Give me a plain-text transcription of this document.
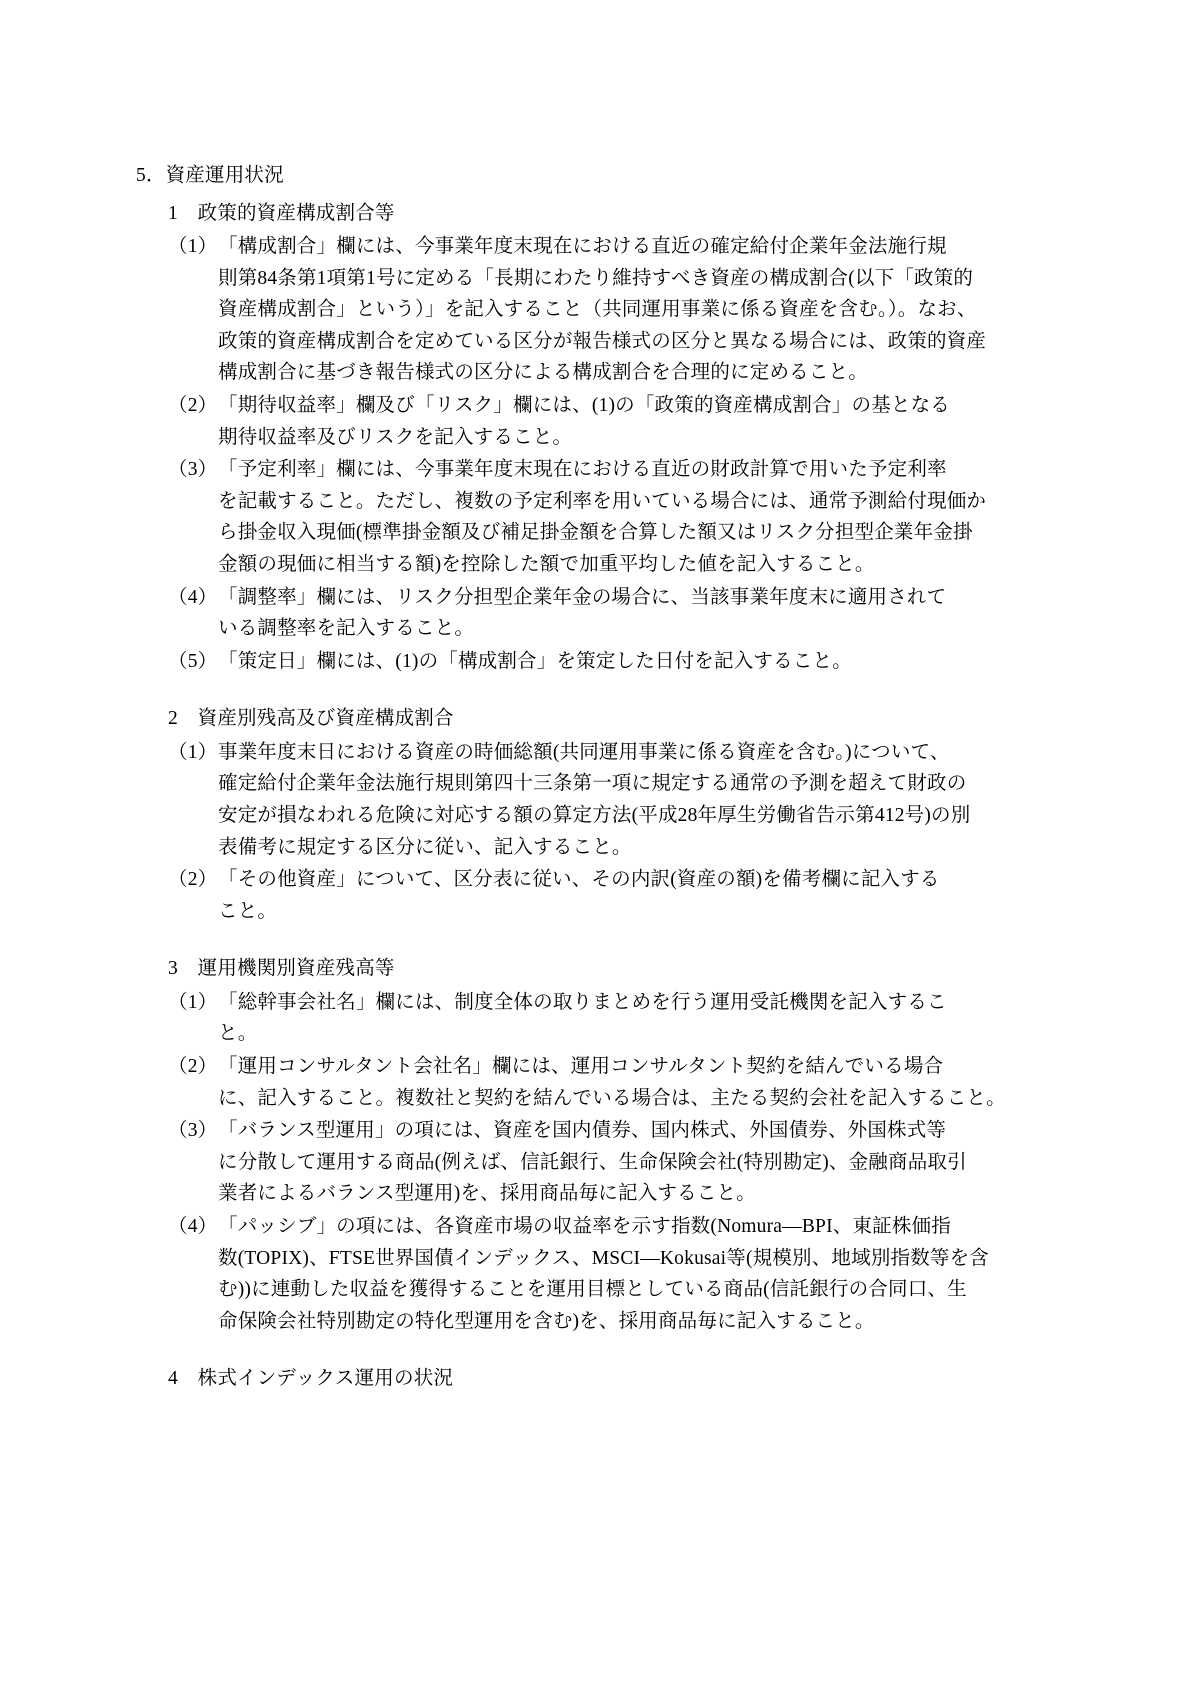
5．資産運用状況
1　政策的資産構成割合等
（1） 「構成割合」欄には、今事業年度末現在における直近の確定給付企業年金法施行規
則第84条第1項第1号に定める「長期にわたり維持すべき資産の構成割合(以下「政策的
資産構成割合」という）」を記入すること（共同運用事業に係る資産を含む。）。なお、
政策的資産構成割合を定めている区分が報告様式の区分と異なる場合には、政策的資産
構成割合に基づき報告様式の区分による構成割合を合理的に定めること。
（2） 「期待収益率」欄及び「リスク」欄には、(1)の「政策的資産構成割合」の基となる
期待収益率及びリスクを記入すること。
（3） 「予定利率」欄には、今事業年度末現在における直近の財政計算で用いた予定利率
を記載すること。ただし、複数の予定利率を用いている場合には、通常予測給付現価か
ら掛金収入現価(標準掛金額及び補足掛金額を合算した額又はリスク分担型企業年金掛
金額の現価に相当する額)を控除した額で加重平均した値を記入すること。
（4） 「調整率」欄には、リスク分担型企業年金の場合に、当該事業年度末に適用されて
いる調整率を記入すること。
（5） 「策定日」欄には、(1)の「構成割合」を策定した日付を記入すること。
2　資産別残高及び資産構成割合
（1） 事業年度末日における資産の時価総額(共同運用事業に係る資産を含む。)について、
確定給付企業年金法施行規則第四十三条第一項に規定する通常の予測を超えて財政の
安定が損なわれる危険に対応する額の算定方法(平成28年厚生労働省告示第412号)の別
表備考に規定する区分に従い、記入すること。
（2） 「その他資産」について、区分表に従い、その内訳(資産の額)を備考欄に記入する
こと。
3　運用機関別資産残高等
（1） 「総幹事会社名」欄には、制度全体の取りまとめを行う運用受託機関を記入するこ
と。
（2） 「運用コンサルタント会社名」欄には、運用コンサルタント契約を結んでいる場合
に、記入すること。複数社と契約を結んでいる場合は、主たる契約会社を記入すること。
（3） 「バランス型運用」の項には、資産を国内債券、国内株式、外国債券、外国株式等
に分散して運用する商品(例えば、信託銀行、生命保険会社(特別勘定)、金融商品取引
業者によるバランス型運用)を、採用商品毎に記入すること。
（4） 「パッシブ」の項には、各資産市場の収益率を示す指数(Nomura—BPI、東証株価指
数(TOPIX)、FTSE世界国債インデックス、MSCI—Kokusai等(規模別、地域別指数等を含
む))に連動した収益を獲得することを運用目標としている商品(信託銀行の合同口、生
命保険会社特別勘定の特化型運用を含む)を、採用商品毎に記入すること。
4　株式インデックス運用の状況
